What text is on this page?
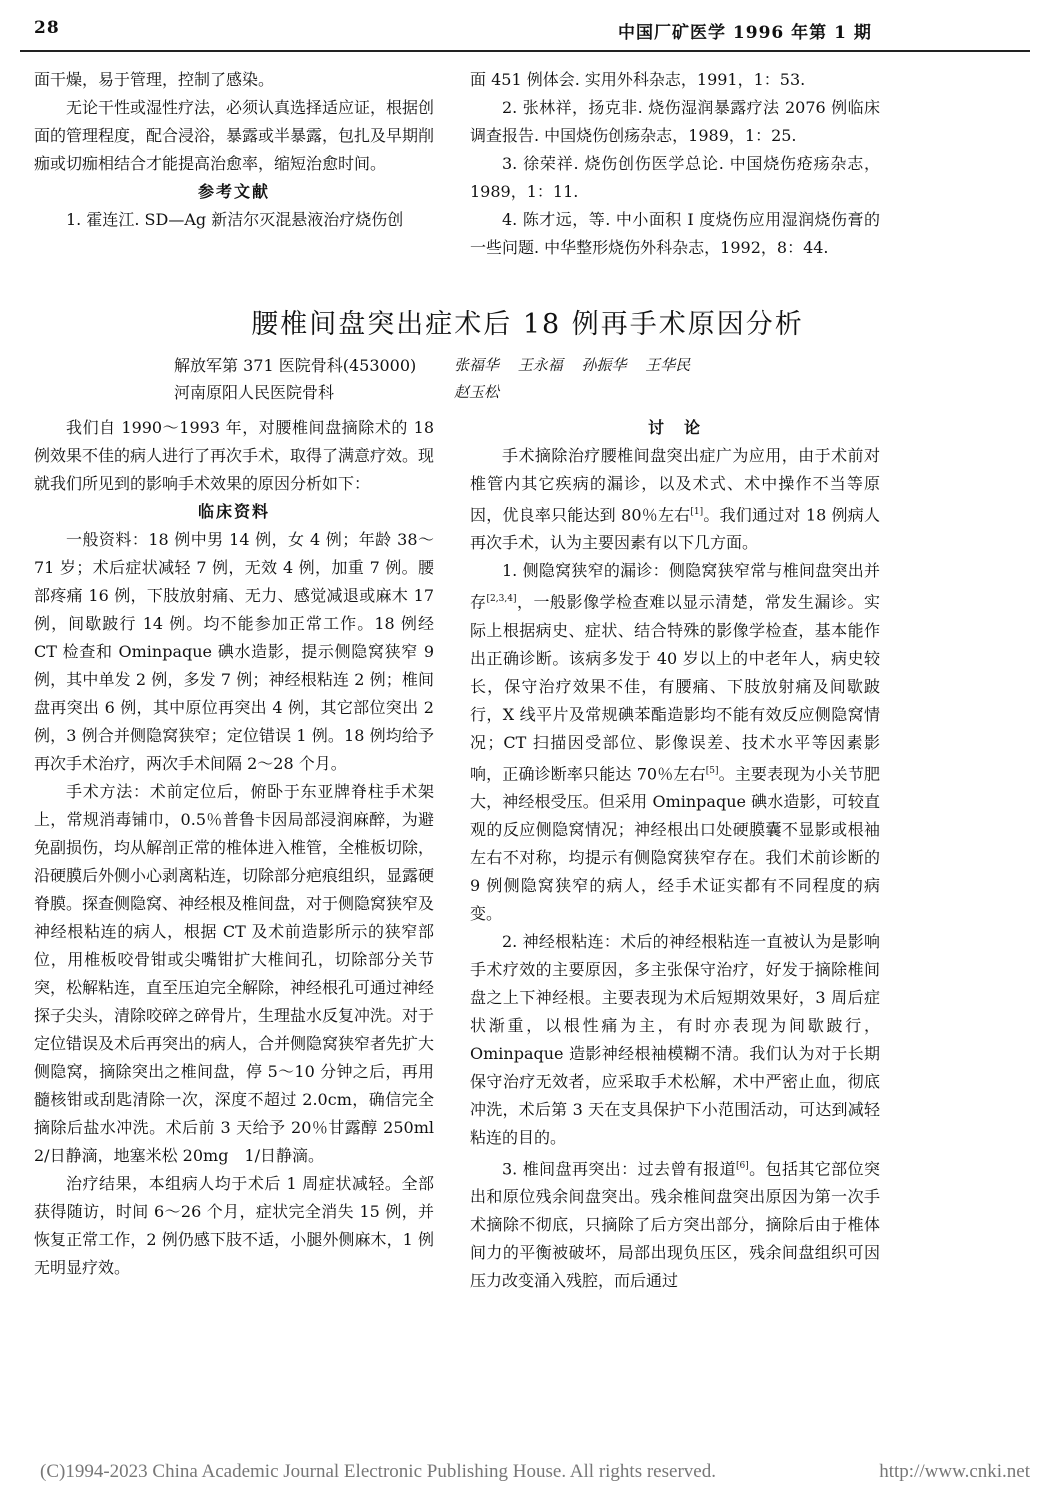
28	中国厂矿医学 1996 年第 1 期

面干燥，易于管理，控制了感染。

无论干性或湿性疗法，必须认真选择适应证，根据创面的管理程度，配合浸浴，暴露或半暴露，包扎及早期削痂或切痂相结合才能提高治愈率，缩短治愈时间。

参考文献

1. 霍连江. SD—Ag 新洁尔灭混悬液治疗烧伤创

面 451 例体会. 实用外科杂志，1991，1：53.

2. 张林祥，扬克非. 烧伤湿润暴露疗法 2076 例临床调查报告. 中国烧伤创疡杂志，1989，1：25.

3. 徐荣祥. 烧伤创伤医学总论. 中国烧伤疮疡杂志，1989，1：11.

4. 陈才远，等. 中小面积 I 度烧伤应用湿润烧伤膏的一些问题. 中华整形烧伤外科杂志，1992，8：44.

腰椎间盘突出症术后 18 例再手术原因分析
解放军第 371 医院骨科(453000)
河南原阳人民医院骨科
张福华 王永福 孙振华 王华民
赵玉松

我们自 1990～1993 年，对腰椎间盘摘除术的 18 例效果不佳的病人进行了再次手术，取得了满意疗效。现就我们所见到的影响手术效果的原因分析如下：

临床资料

一般资料：18 例中男 14 例，女 4 例；年龄 38～71 岁；术后症状减轻 7 例，无效 4 例，加重 7 例。腰部疼痛 16 例，下肢放射痛、无力、感觉减退或麻木 17 例，间歇跛行 14 例。均不能参加正常工作。18 例经 CT 检查和 Ominpaque 碘水造影，提示侧隐窝狭窄 9 例，其中单发 2 例，多发 7 例；神经根粘连 2 例；椎间盘再突出 6 例，其中原位再突出 4 例，其它部位突出 2 例，3 例合并侧隐窝狭窄；定位错误 1 例。18 例均给予再次手术治疗，两次手术间隔 2～28 个月。

手术方法：术前定位后，俯卧于东亚牌脊柱手术架上，常规消毒铺巾，0.5％普鲁卡因局部浸润麻醉，为避免副损伤，均从解剖正常的椎体进入椎管，全椎板切除，沿硬膜后外侧小心剥离粘连，切除部分疤痕组织，显露硬脊膜。探查侧隐窝、神经根及椎间盘，对于侧隐窝狭窄及神经根粘连的病人，根据 CT 及术前造影所示的狭窄部位，用椎板咬骨钳或尖嘴钳扩大椎间孔，切除部分关节突，松解粘连，直至压迫完全解除，神经根孔可通过神经探子尖头，清除咬碎之碎骨片，生理盐水反复冲洗。对于定位错误及术后再突出的病人，合并侧隐窝狭窄者先扩大侧隐窝，摘除突出之椎间盘，停 5～10 分钟之后，再用髓核钳或刮匙清除一次，深度不超过 2.0cm，确信完全摘除后盐水冲洗。术后前 3 天给予 20％甘露醇 250ml　2/日静滴，地塞米松 20mg　1/日静滴。

治疗结果，本组病人均于术后 1 周症状减轻。全部获得随访，时间 6～26 个月，症状完全消失 15 例，并恢复正常工作，2 例仍感下肢不适，小腿外侧麻木，1 例无明显疗效。

讨　论

手术摘除治疗腰椎间盘突出症广为应用，由于术前对椎管内其它疾病的漏诊，以及术式、术中操作不当等原因，优良率只能达到 80％左右[1]。我们通过对 18 例病人再次手术，认为主要因素有以下几方面。

1. 侧隐窝狭窄的漏诊：侧隐窝狭窄常与椎间盘突出并存[2,3,4]，一般影像学检查难以显示清楚，常发生漏诊。实际上根据病史、症状、结合特殊的影像学检查，基本能作出正确诊断。该病多发于 40 岁以上的中老年人，病史较长，保守治疗效果不佳，有腰痛、下肢放射痛及间歇跛行，X 线平片及常规碘苯酯造影均不能有效反应侧隐窝情况；CT 扫描因受部位、影像误差、技术水平等因素影响，正确诊断率只能达 70％左右[5]。主要表现为小关节肥大，神经根受压。但采用 Ominpaque 碘水造影，可较直观的反应侧隐窝情况；神经根出口处硬膜囊不显影或根袖左右不对称，均提示有侧隐窝狭窄存在。我们术前诊断的 9 例侧隐窝狭窄的病人，经手术证实都有不同程度的病变。

2. 神经根粘连：术后的神经根粘连一直被认为是影响手术疗效的主要原因，多主张保守治疗，好发于摘除椎间盘之上下神经根。主要表现为术后短期效果好，3 周后症状渐重，以根性痛为主，有时亦表现为间歇跛行，Ominpaque 造影神经根袖模糊不清。我们认为对于长期保守治疗无效者，应采取手术松解，术中严密止血，彻底冲洗，术后第 3 天在支具保护下小范围活动，可达到减轻粘连的目的。

3. 椎间盘再突出：过去曾有报道[6]。包括其它部位突出和原位残余间盘突出。残余椎间盘突出原因为第一次手术摘除不彻底，只摘除了后方突出部分，摘除后由于椎体间力的平衡被破坏，局部出现负压区，残余间盘组织可因压力改变涌入残腔，而后通过

(C)1994-2023 China Academic Journal Electronic Publishing House. All rights reserved.	http://www.cnki.net
